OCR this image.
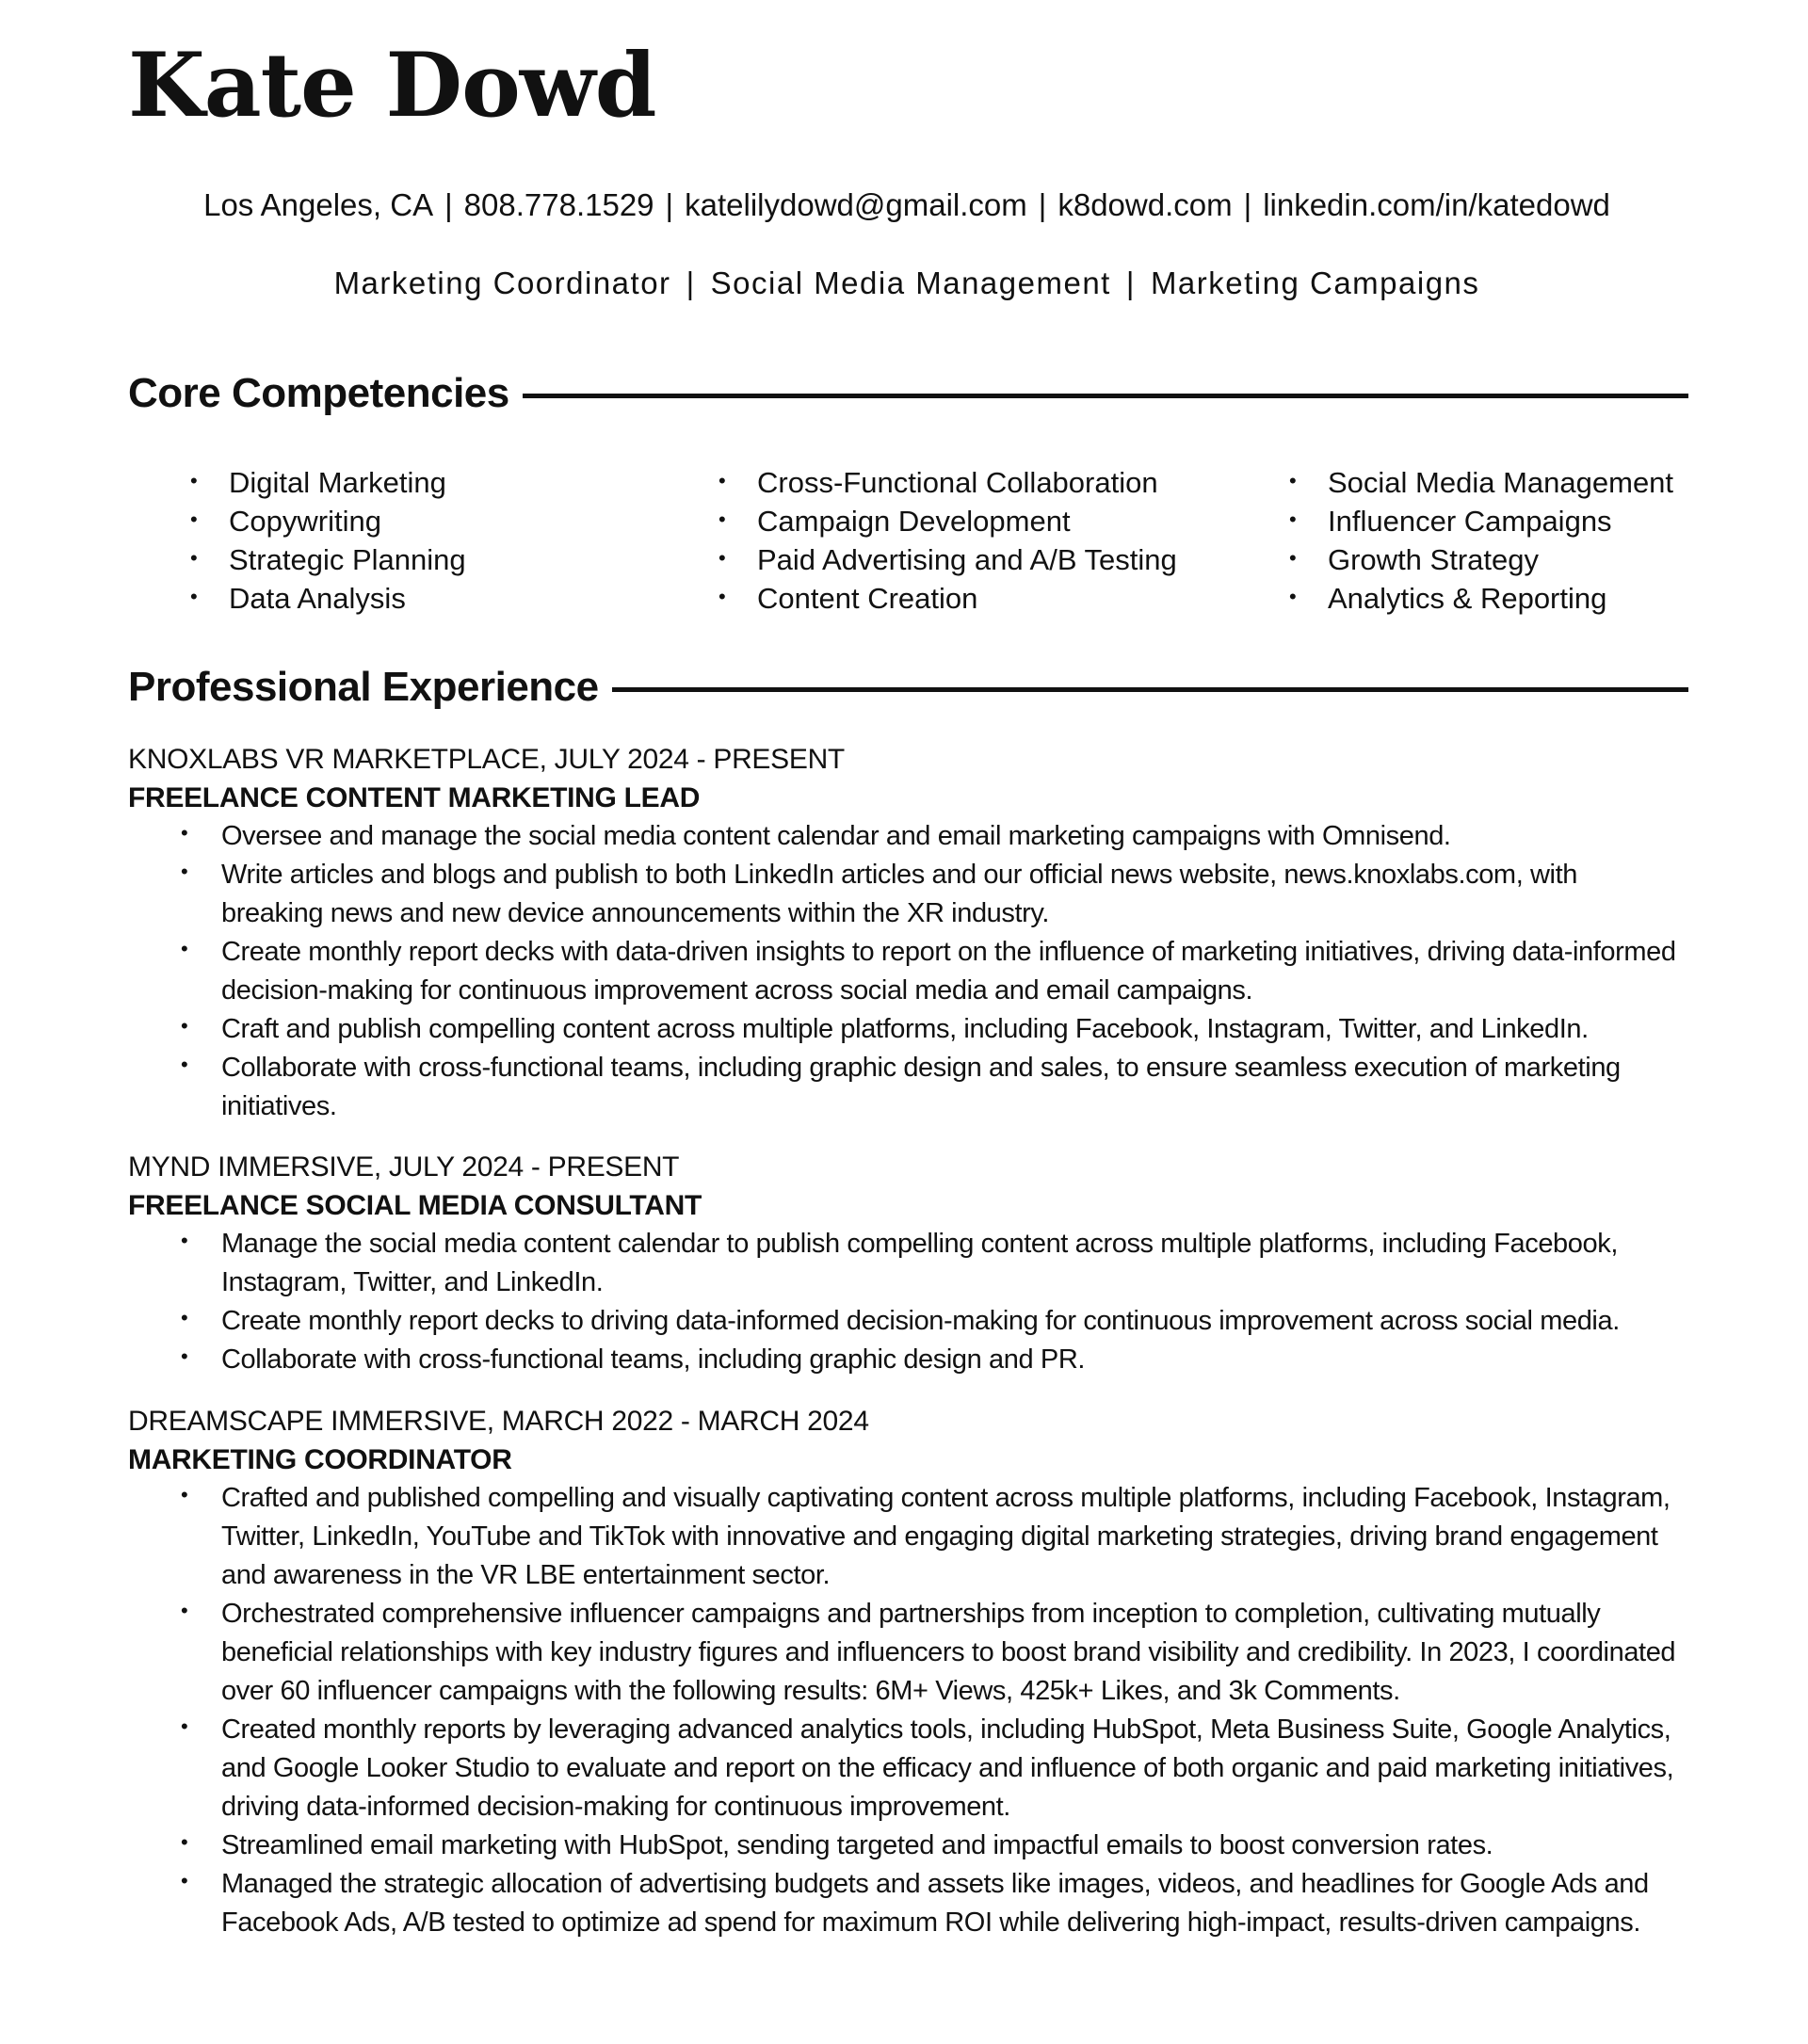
Kate Dowd
Los Angeles, CA | 808.778.1529 | katelilydowd@gmail.com | k8dowd.com | linkedin.com/in/katedowd
Marketing Coordinator | Social Media Management | Marketing Campaigns
Core Competencies
• Digital Marketing
• Copywriting
• Strategic Planning
• Data Analysis
• Cross-Functional Collaboration
• Campaign Development
• Paid Advertising and A/B Testing
• Content Creation
• Social Media Management
• Influencer Campaigns
• Growth Strategy
• Analytics & Reporting
Professional Experience
KNOXLABS VR MARKETPLACE, JULY 2024 - PRESENT
FREELANCE CONTENT MARKETING LEAD
• Oversee and manage the social media content calendar and email marketing campaigns with Omnisend.
• Write articles and blogs and publish to both LinkedIn articles and our official news website, news.knoxlabs.com, with breaking news and new device announcements within the XR industry.
• Create monthly report decks with data-driven insights to report on the influence of marketing initiatives, driving data-informed decision-making for continuous improvement across social media and email campaigns.
• Craft and publish compelling content across multiple platforms, including Facebook, Instagram, Twitter, and LinkedIn.
• Collaborate with cross-functional teams, including graphic design and sales, to ensure seamless execution of marketing initiatives.
MYND IMMERSIVE, JULY 2024 - PRESENT
FREELANCE SOCIAL MEDIA CONSULTANT
• Manage the social media content calendar to publish compelling content across multiple platforms, including Facebook, Instagram, Twitter, and LinkedIn.
• Create monthly report decks to driving data-informed decision-making for continuous improvement across social media.
• Collaborate with cross-functional teams, including graphic design and PR.
DREAMSCAPE IMMERSIVE, MARCH 2022 - MARCH 2024
MARKETING COORDINATOR
• Crafted and published compelling and visually captivating content across multiple platforms, including Facebook, Instagram, Twitter, LinkedIn, YouTube and TikTok with innovative and engaging digital marketing strategies, driving brand engagement and awareness in the VR LBE entertainment sector.
• Orchestrated comprehensive influencer campaigns and partnerships from inception to completion, cultivating mutually beneficial relationships with key industry figures and influencers to boost brand visibility and credibility. In 2023, I coordinated over 60 influencer campaigns with the following results: 6M+ Views, 425k+ Likes, and 3k Comments.
• Created monthly reports by leveraging advanced analytics tools, including HubSpot, Meta Business Suite, Google Analytics, and Google Looker Studio to evaluate and report on the efficacy and influence of both organic and paid marketing initiatives, driving data-informed decision-making for continuous improvement.
• Streamlined email marketing with HubSpot, sending targeted and impactful emails to boost conversion rates.
• Managed the strategic allocation of advertising budgets and assets like images, videos, and headlines for Google Ads and Facebook Ads, A/B tested to optimize ad spend for maximum ROI while delivering high-impact, results-driven campaigns.
